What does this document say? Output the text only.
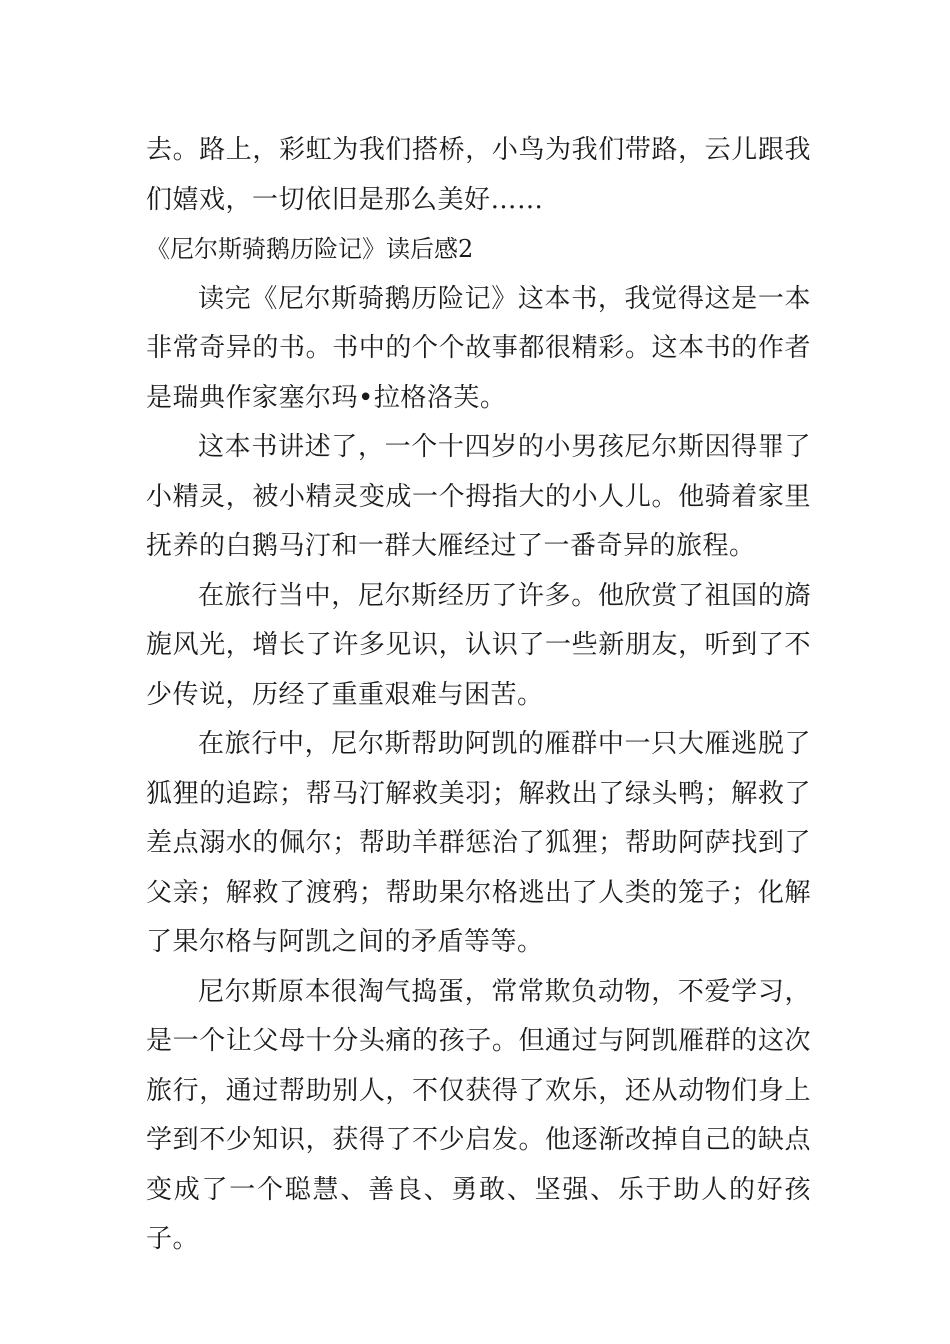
去。路上，彩虹为我们搭桥，小鸟为我们带路，云儿跟我们嬉戏，一切依旧是那么美好……

《尼尔斯骑鹅历险记》读后感2

读完《尼尔斯骑鹅历险记》这本书，我觉得这是一本非常奇异的书。书中的个个故事都很精彩。这本书的作者是瑞典作家塞尔玛•拉格洛芙。

这本书讲述了，一个十四岁的小男孩尼尔斯因得罪了小精灵，被小精灵变成一个拇指大的小人儿。他骑着家里抚养的白鹅马汀和一群大雁经过了一番奇异的旅程。

在旅行当中，尼尔斯经历了许多。他欣赏了祖国的旖旎风光，增长了许多见识，认识了一些新朋友，听到了不少传说，历经了重重艰难与困苦。

在旅行中，尼尔斯帮助阿凯的雁群中一只大雁逃脱了狐狸的追踪；帮马汀解救美羽；解救出了绿头鸭；解救了差点溺水的佩尔；帮助羊群惩治了狐狸；帮助阿萨找到了父亲；解救了渡鸦；帮助果尔格逃出了人类的笼子；化解了果尔格与阿凯之间的矛盾等等。

尼尔斯原本很淘气捣蛋，常常欺负动物，不爱学习，是一个让父母十分头痛的孩子。但通过与阿凯雁群的这次旅行，通过帮助别人，不仅获得了欢乐，还从动物们身上学到不少知识，获得了不少启发。他逐渐改掉自己的缺点变成了一个聪慧、善良、勇敢、坚强、乐于助人的好孩子。
